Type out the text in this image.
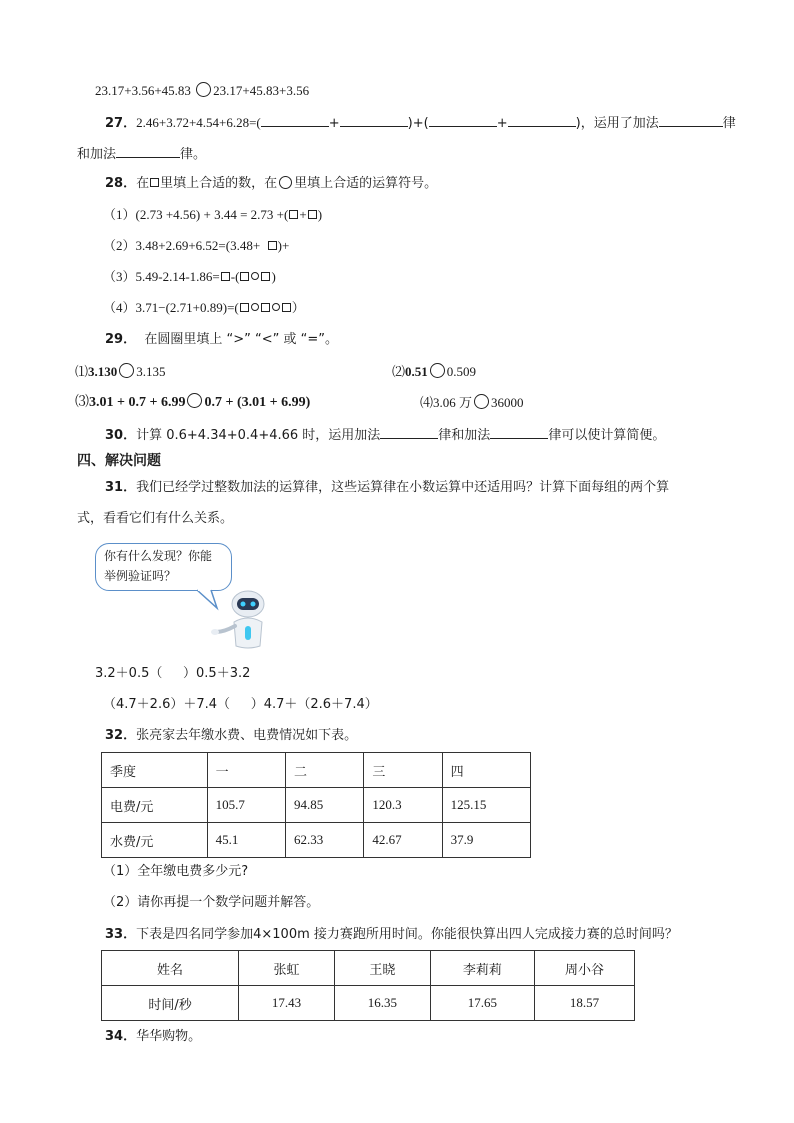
23.17+3.56+45.83 23.17+45.83+3.56
27．2.46+3.72+4.54+6.28=(	+	)+(	+	)，运用了加法	律
和加法	律。
28．在 里填上合适的数，在 里填上合适的运算符号。
（1）(2.73 +4.56) + 3.44 = 2.73 +( + )
（2）3.48+2.69+6.52=(3.48+ )+
（3）5.49-2.14-1.86= -( )
（4）3.71−(2.71+0.89)=(	）
29． 在圆圈里填上 “>” “<” 或 “=”。
⑴3.130 3.135	⑵0.51 0.509
⑶3.01 + 0.7 + 6.99 0.7 + (3.01 + 6.99)	⑷3.06 万 36000
30．计算 0.6+4.34+0.4+4.66 时，运用加法	律和加法	律可以使计算简便。
四、解决问题
31．我们已经学过整数加法的运算律，这些运算律在小数运算中还适用吗？计算下面每组的两个算
式，看看它们有什么关系。
你有什么发现？你能
举例验证吗？
3.2＋0.5（ ）0.5＋3.2
（4.7＋2.6）＋7.4（ ）4.7＋（2.6＋7.4）
32．张亮家去年缴水费、电费情况如下表。
季度	一	二	三	四
电费/元	105.7	94.85	120.3	125.15
水费/元	45.1	62.33	42.67	37.9
（1）全年缴电费多少元?
（2）请你再提一个数学问题并解答。
33．下表是四名同学参加4×100m 接力赛跑所用时间。你能很快算出四人完成接力赛的总时间吗？
姓名	张虹	王晓	李莉莉	周小谷
时间/秒	17.43	16.35	17.65	18.57
34．华华购物。
